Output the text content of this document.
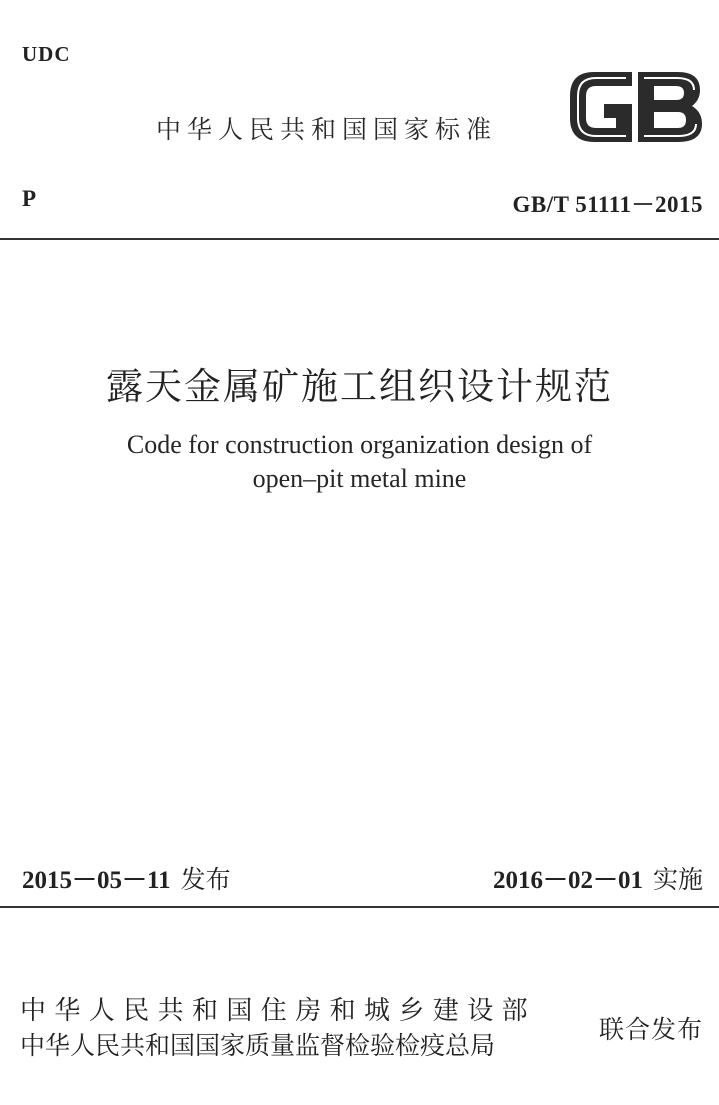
UDC
中华人民共和国国家标准
P	GB/T 51111－2015
露天金属矿施工组织设计规范
Code for construction organization design of
open–pit metal mine
2015－05－11 发布	2016－02－01 实施
中华人民共和国住房和城乡建设部
中华人民共和国国家质量监督检验检疫总局
联合发布
